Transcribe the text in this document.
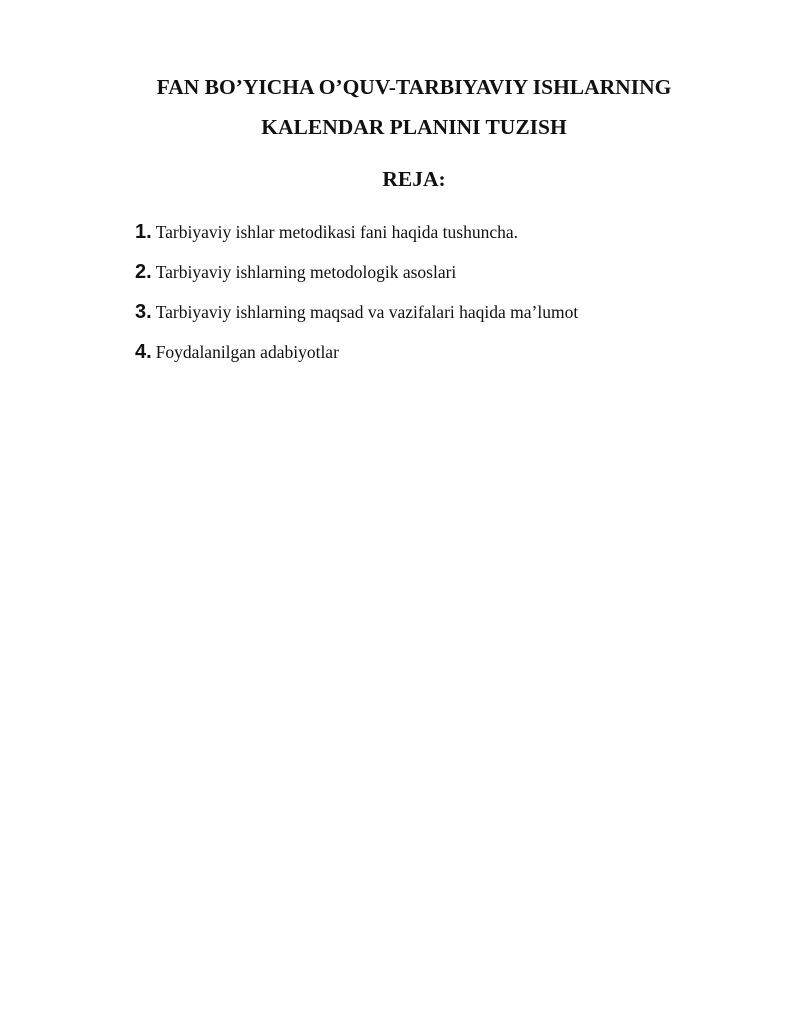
FAN BO’YICHA O’QUV-TARBIYAVIY ISHLARNING
KALENDAR PLANINI TUZISH
REJA:
1. Tarbiyaviy ishlar metodikasi fani haqida tushuncha.
2. Tarbiyaviy ishlarning metodologik asoslari
3. Tarbiyaviy ishlarning maqsad va vazifalari haqida ma’lumot
4. Foydalanilgan adabiyotlar
